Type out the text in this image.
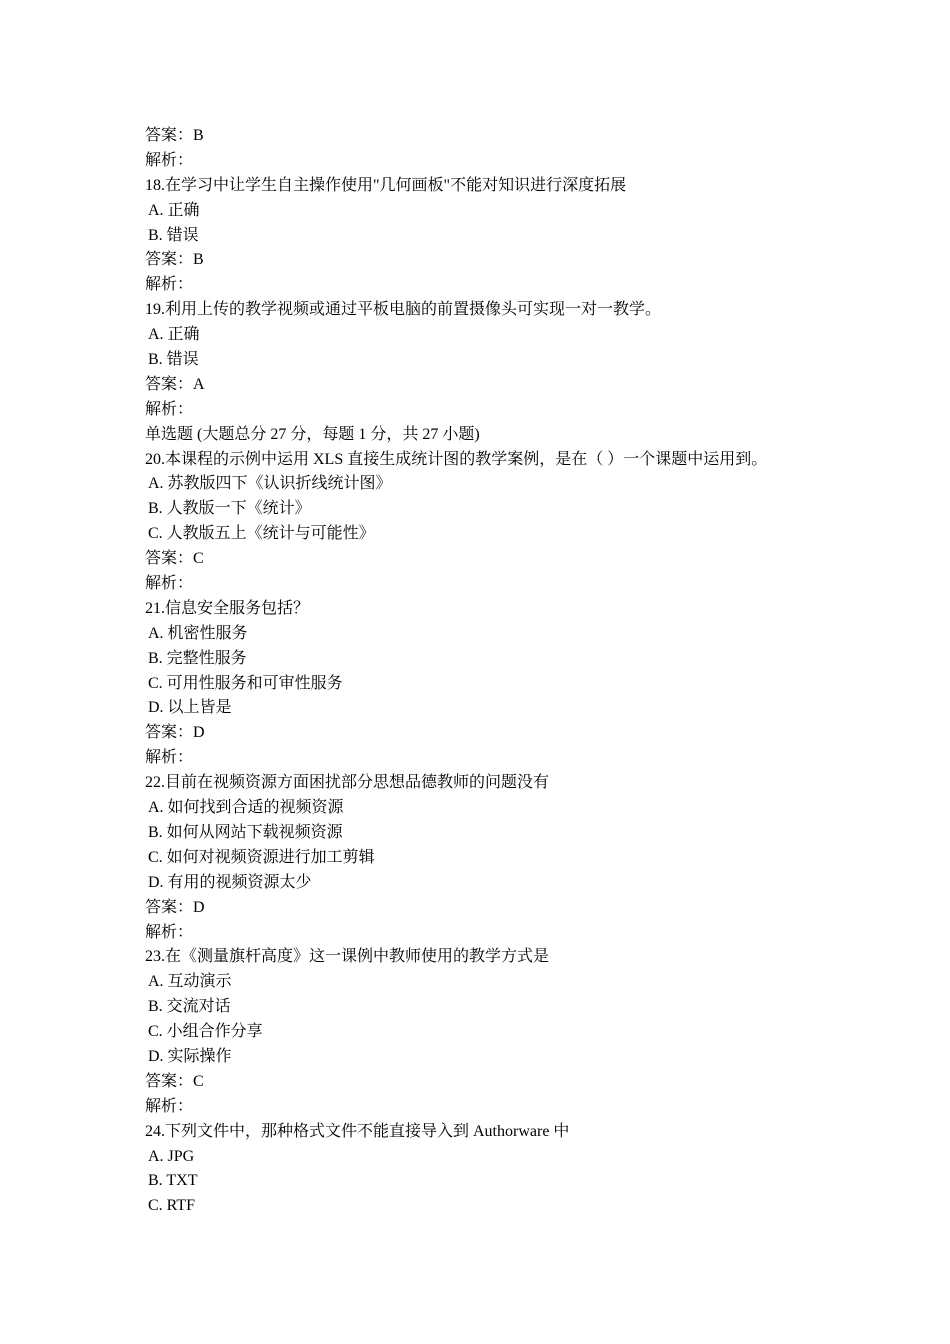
答案：B
解析：
18.在学习中让学生自主操作使用"几何画板"不能对知识进行深度拓展
A. 正确
B. 错误
答案：B
解析：
19.利用上传的教学视频或通过平板电脑的前置摄像头可实现一对一教学。
A. 正确
B. 错误
答案：A
解析：
单选题 (大题总分 27 分，每题 1 分，共 27 小题)
20.本课程的示例中运用 XLS 直接生成统计图的教学案例，是在（ ）一个课题中运用到。
A. 苏教版四下《认识折线统计图》
B. 人教版一下《统计》
C. 人教版五上《统计与可能性》
答案：C
解析：
21.信息安全服务包括？
A. 机密性服务
B. 完整性服务
C. 可用性服务和可审性服务
D. 以上皆是
答案：D
解析：
22.目前在视频资源方面困扰部分思想品德教师的问题没有
A. 如何找到合适的视频资源
B. 如何从网站下载视频资源
C. 如何对视频资源进行加工剪辑
D. 有用的视频资源太少
答案：D
解析：
23.在《测量旗杆高度》这一课例中教师使用的教学方式是
A. 互动演示
B. 交流对话
C. 小组合作分享
D. 实际操作
答案：C
解析：
24.下列文件中，那种格式文件不能直接导入到 Authorware 中
A. JPG
B. TXT
C. RTF
